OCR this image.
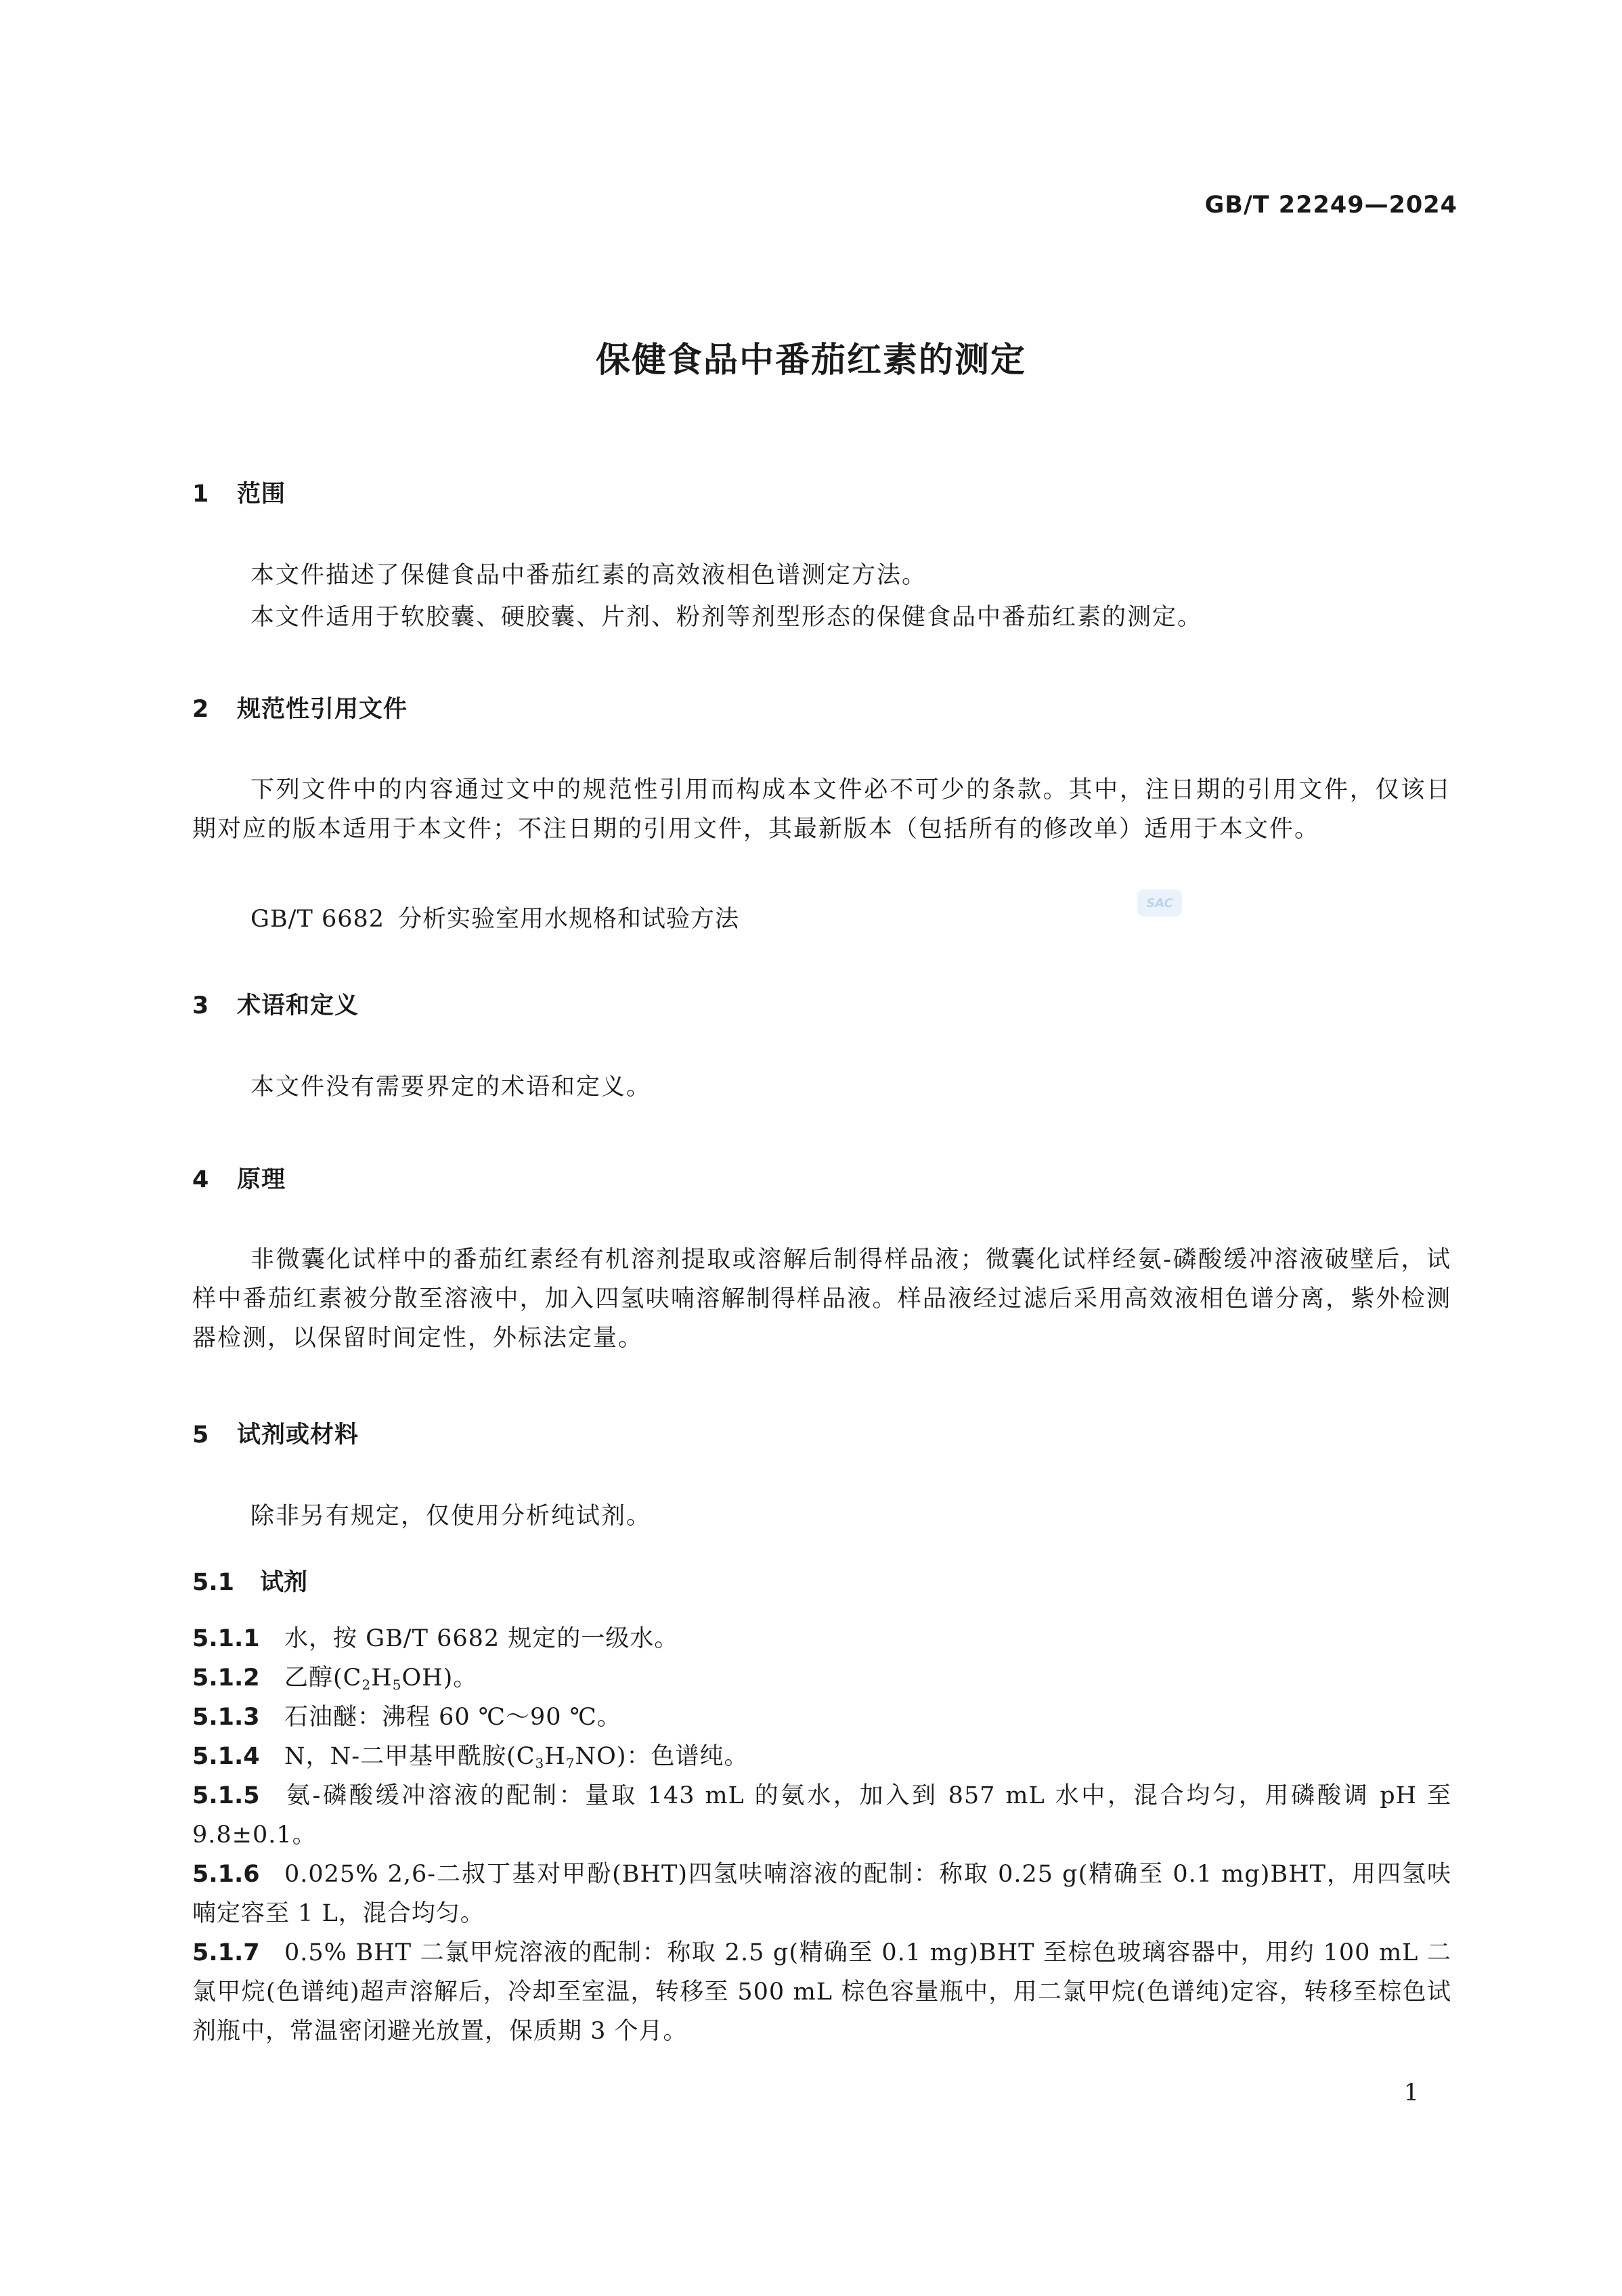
GB/T 22249—2024
保健食品中番茄红素的测定
1 范围
本文件描述了保健食品中番茄红素的高效液相色谱测定方法。
本文件适用于软胶囊、硬胶囊、片剂、粉剂等剂型形态的保健食品中番茄红素的测定。
2 规范性引用文件
下列文件中的内容通过文中的规范性引用而构成本文件必不可少的条款。其中，注日期的引用文件，仅该日期对应的版本适用于本文件；不注日期的引用文件，其最新版本（包括所有的修改单）适用于本文件。
GB/T 6682 分析实验室用水规格和试验方法
SAC
3 术语和定义
本文件没有需要界定的术语和定义。
4 原理
非微囊化试样中的番茄红素经有机溶剂提取或溶解后制得样品液；微囊化试样经氨-磷酸缓冲溶液破壁后，试样中番茄红素被分散至溶液中，加入四氢呋喃溶解制得样品液。样品液经过滤后采用高效液相色谱分离，紫外检测器检测，以保留时间定性，外标法定量。
5 试剂或材料
除非另有规定，仅使用分析纯试剂。
5.1 试剂
5.1.1 水，按 GB/T 6682 规定的一级水。
5.1.2 乙醇$(C_2H_5OH)$。
5.1.3 石油醚：沸程 60 ℃～90 ℃。
5.1.4 N，N-二甲基甲酰胺$(C_3H_7NO)$：色谱纯。
5.1.5 氨-磷酸缓冲溶液的配制：量取 143 mL 的氨水，加入到 857 mL 水中，混合均匀，用磷酸调 pH 至 9.8±0.1。
5.1.6 0.025% 2,6-二叔丁基对甲酚(BHT)四氢呋喃溶液的配制：称取 0.25 g(精确至 0.1 mg)BHT，用四氢呋喃定容至 1 L，混合均匀。
5.1.7 0.5% BHT 二氯甲烷溶液的配制：称取 2.5 g(精确至 0.1 mg)BHT 至棕色玻璃容器中，用约 100 mL 二氯甲烷(色谱纯)超声溶解后，冷却至室温，转移至 500 mL 棕色容量瓶中，用二氯甲烷(色谱纯)定容，转移至棕色试剂瓶中，常温密闭避光放置，保质期 3 个月。
1
